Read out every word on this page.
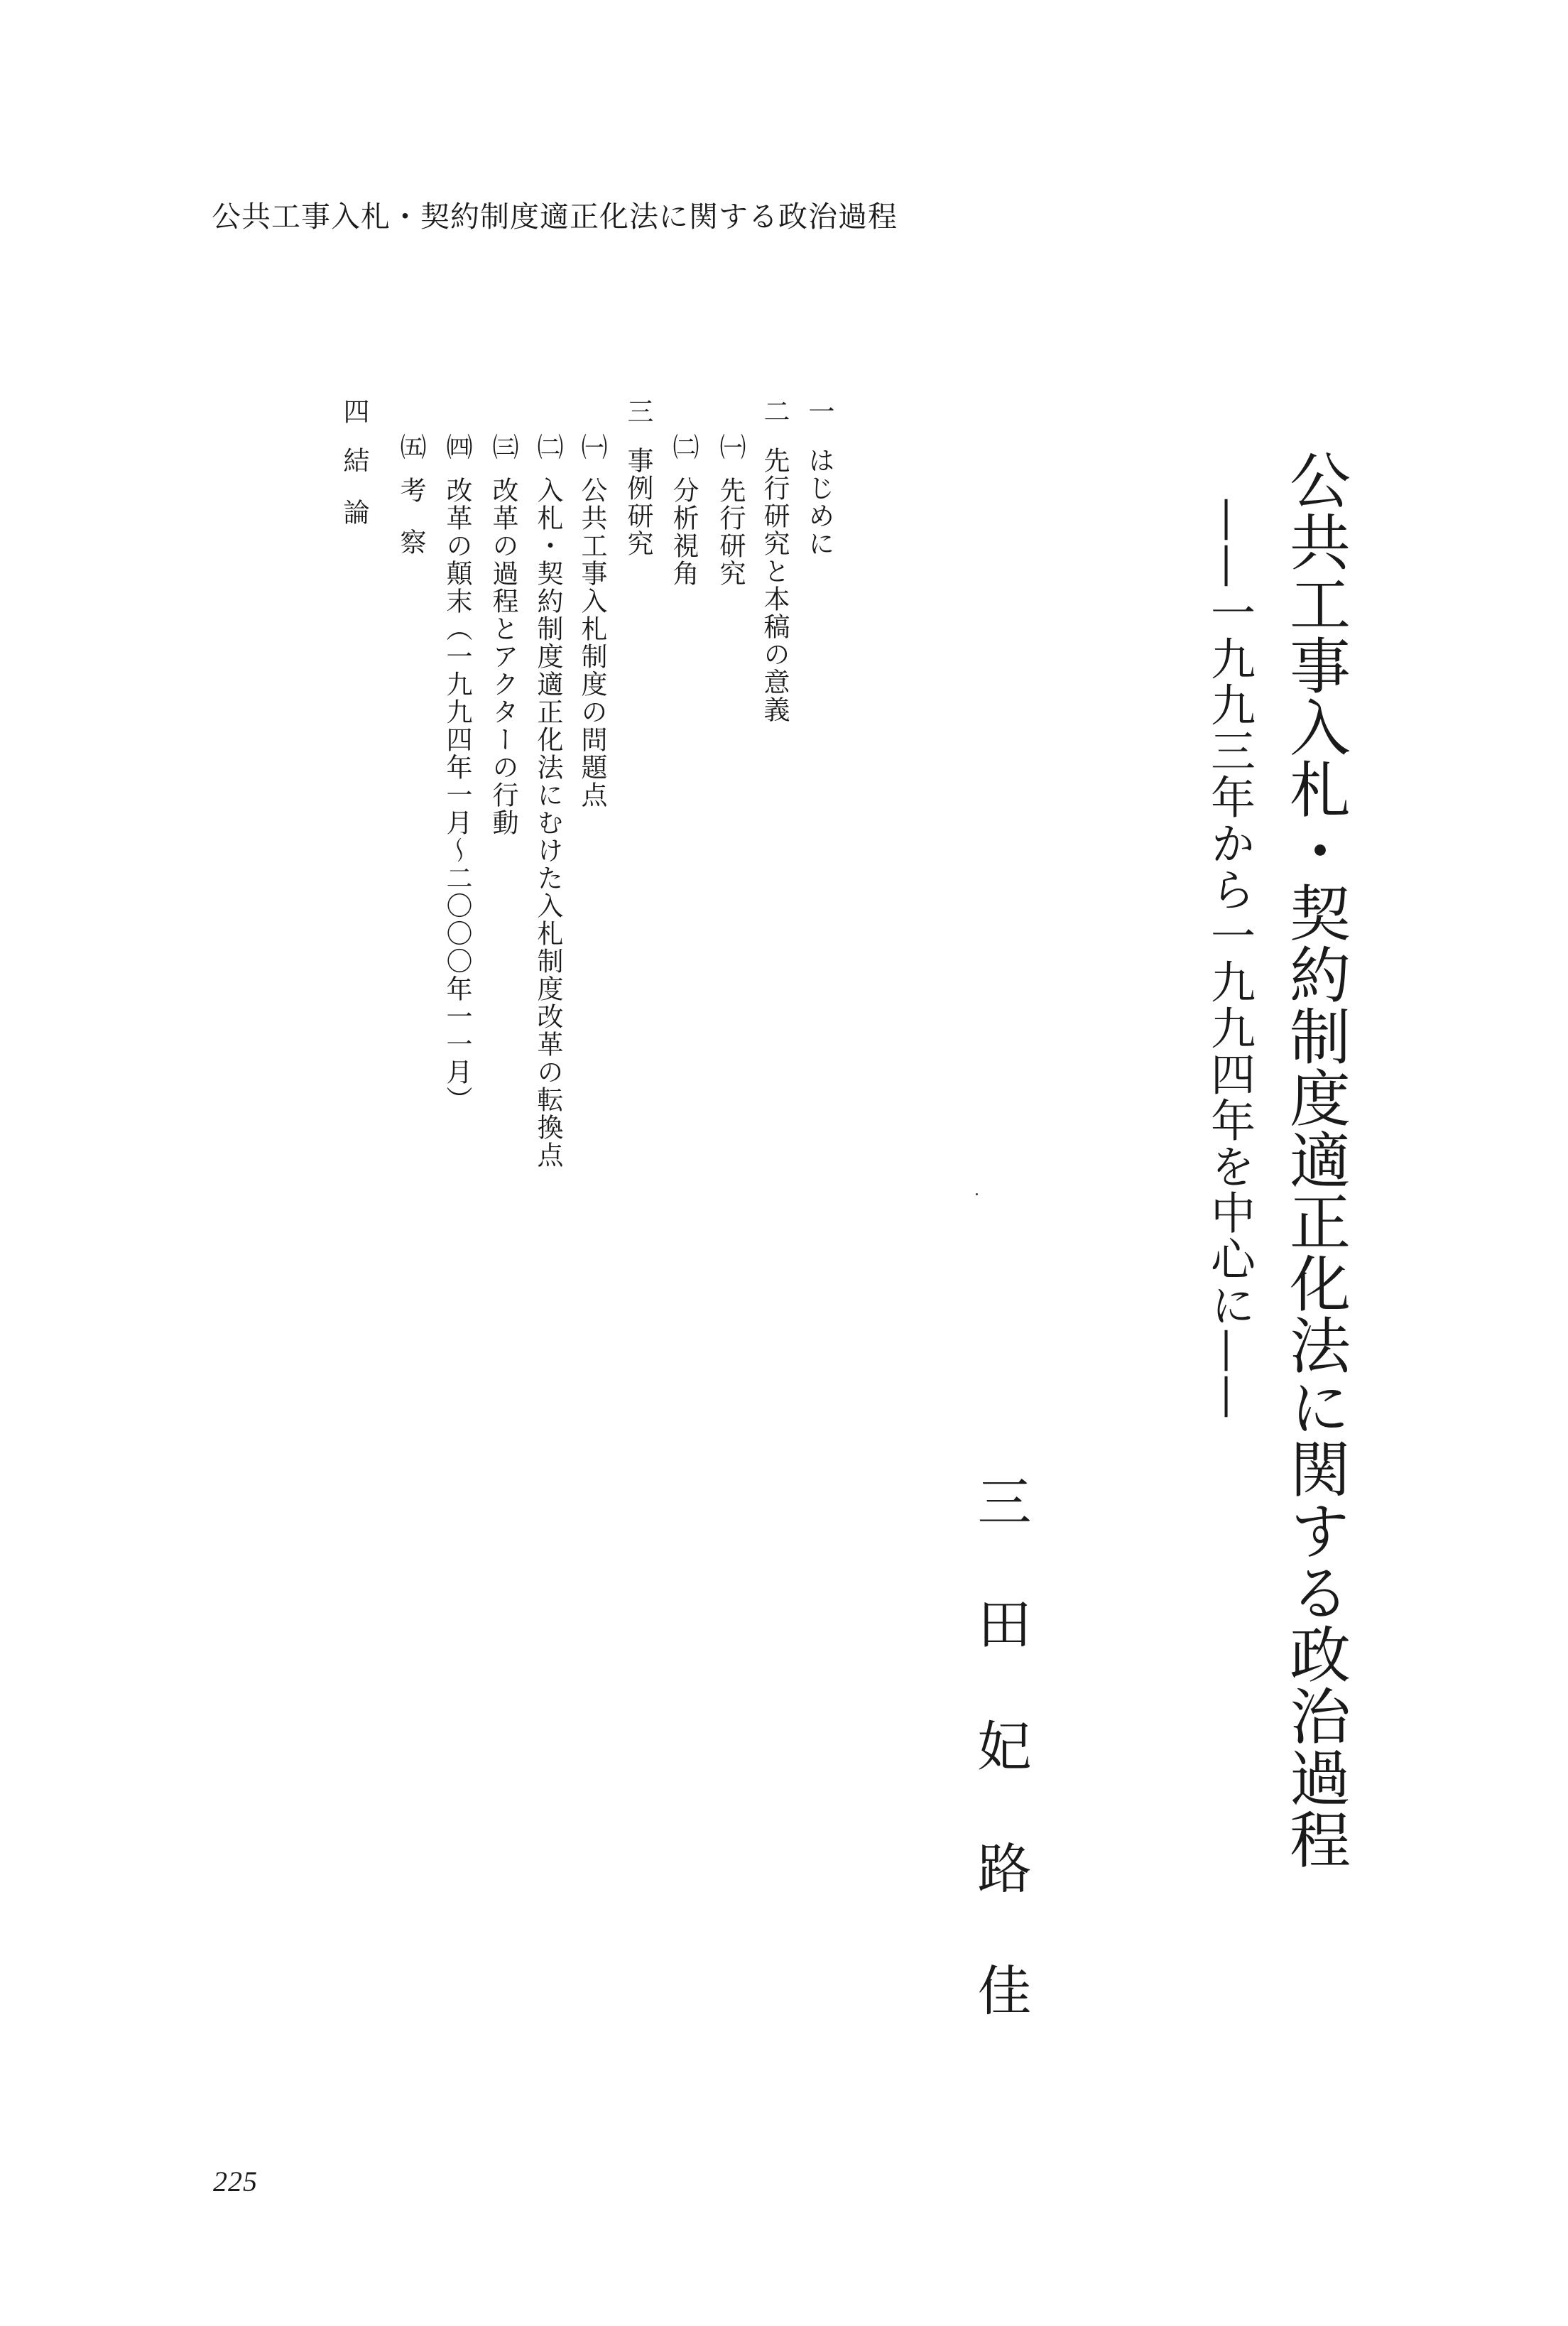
公共工事入札・契約制度適正化法に関する政治過程
公共工事入札・契約制度適正化法に関する政治過程
——一九九三年から一九九四年を中心に——
三田妃路佳
一はじめに
二先行研究と本稿の意義
㈠先行研究
㈡分析視角
三事例研究
㈠公共工事入札制度の問題点
㈡入札・契約制度適正化法にむけた入札制度改革の転換点
㈢改革の過程とアクターの行動
㈣改革の顛末（一九九四年一月〜二〇〇〇年一一月）
㈤考察
四結論
225
